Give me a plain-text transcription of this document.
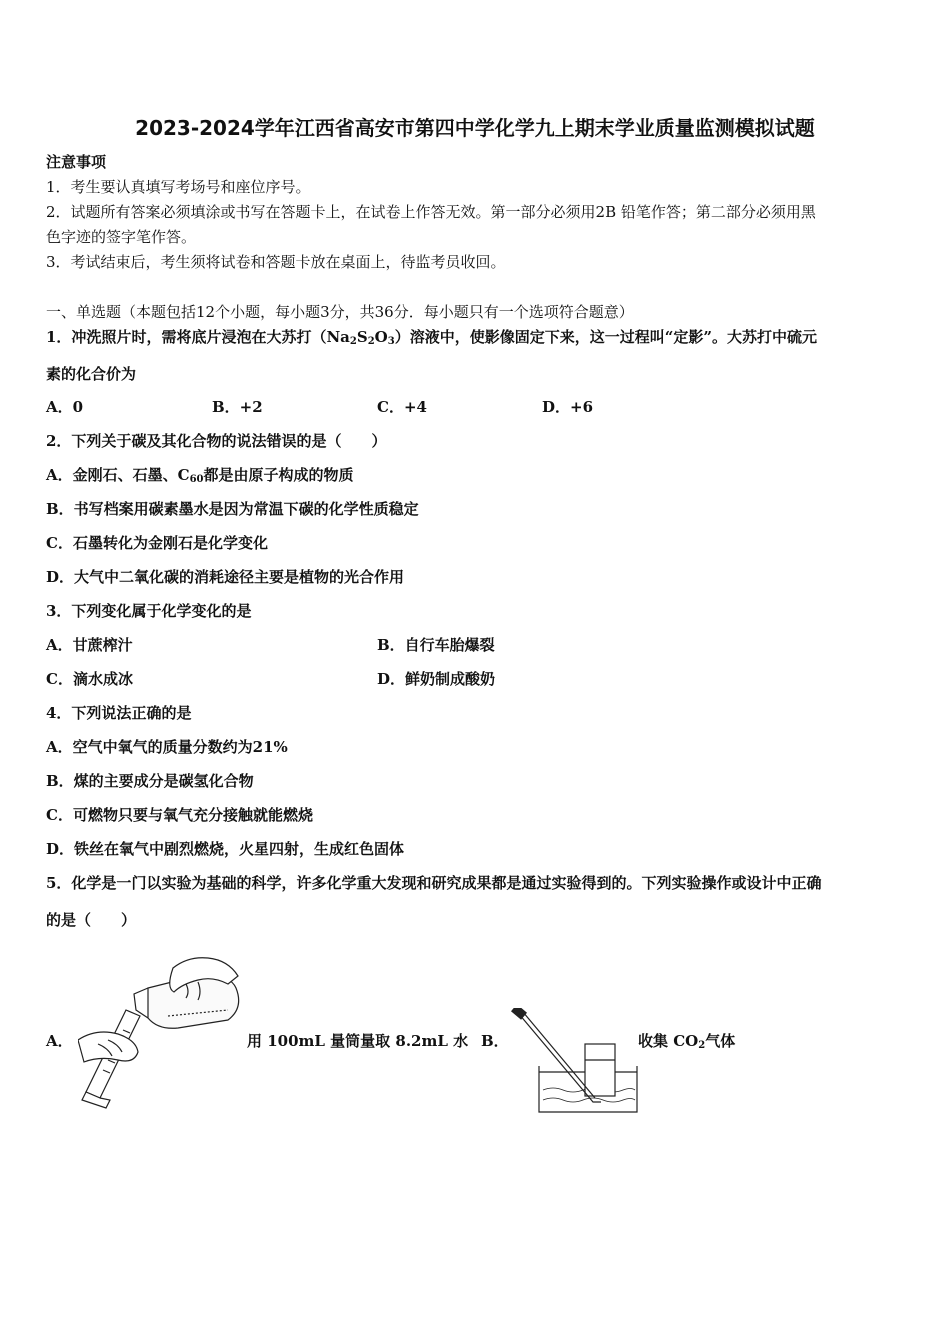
2023-2024学年江西省高安市第四中学化学九上期末学业质量监测模拟试题
注意事项
1．考生要认真填写考场号和座位序号。
2．试题所有答案必须填涂或书写在答题卡上，在试卷上作答无效。第一部分必须用2B 铅笔作答；第二部分必须用黑
色字迹的签字笔作答。
3．考试结束后，考生须将试卷和答题卡放在桌面上，待监考员收回。
一、单选题（本题包括12个小题，每小题3分，共36分．每小题只有一个选项符合题意）
1．冲洗照片时，需将底片浸泡在大苏打$(Na_2S_2O_3)$溶液中，使影像固定下来，这一过程叫“定影”。大苏打中硫元
素的化合价为
A．0	B．+2	C．+4	D．+6
2．下列关于碳及其化合物的说法错误的是（　　）
A．金刚石、石墨、$C_{60}$都是由原子构成的物质
B．书写档案用碳素墨水是因为常温下碳的化学性质稳定
C．石墨转化为金刚石是化学变化
D．大气中二氧化碳的消耗途径主要是植物的光合作用
3．下列变化属于化学变化的是
A．甘蔗榨汁	B．自行车胎爆裂
C．滴水成冰	D．鲜奶制成酸奶
4．下列说法正确的是
A．空气中氧气的质量分数约为21%
B．煤的主要成分是碳氢化合物
C．可燃物只要与氧气充分接触就能燃烧
D．铁丝在氧气中剧烈燃烧，火星四射，生成红色固体
5．化学是一门以实验为基础的科学，许多化学重大发现和研究成果都是通过实验得到的。下列实验操作或设计中正确
的是（　　）
A．	用 100mL 量筒量取 8.2mL 水 B．	收集 $CO_2$气体
